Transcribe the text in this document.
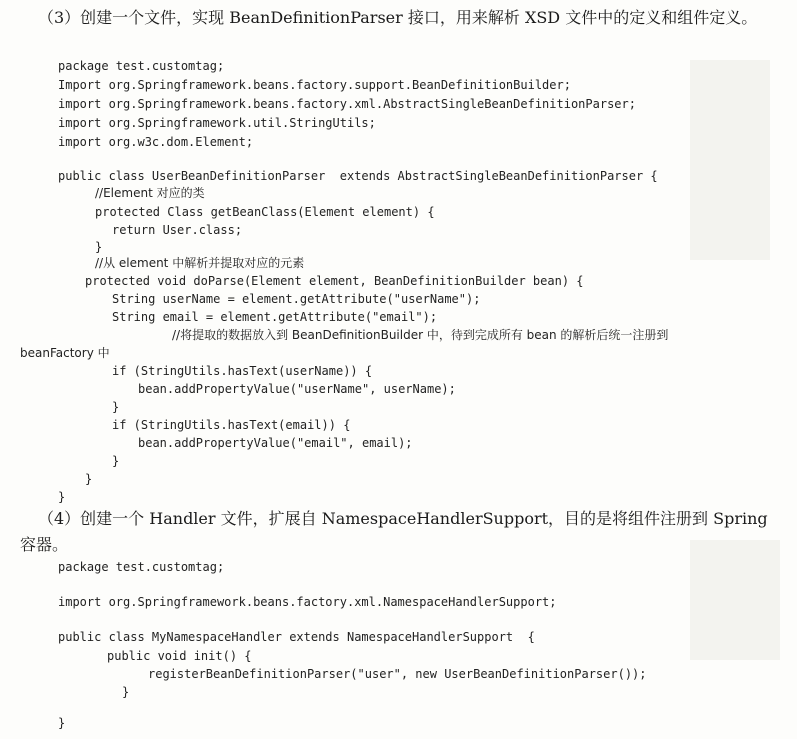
（3）创建一个文件，实现 BeanDefinitionParser 接口，用来解析 XSD 文件中的定义和组件定义。

package test.customtag;
Import org.Springframework.beans.factory.support.BeanDefinitionBuilder;
import org.Springframework.beans.factory.xml.AbstractSingleBeanDefinitionParser;
import org.Springframework.util.StringUtils;
import org.w3c.dom.Element;
public class UserBeanDefinitionParser  extends AbstractSingleBeanDefinitionParser {
//Element 对应的类
protected Class getBeanClass(Element element) {
return User.class;
}
//从 element 中解析并提取对应的元素
protected void doParse(Element element, BeanDefinitionBuilder bean) {
String userName = element.getAttribute("userName");
String email = element.getAttribute("email");
//将提取的数据放入到 BeanDefinitionBuilder 中，待到完成所有 bean 的解析后统一注册到
beanFactory 中
if (StringUtils.hasText(userName)) {
bean.addPropertyValue("userName", userName);
}
if (StringUtils.hasText(email)) {
bean.addPropertyValue("email", email);
}
}
}

（4）创建一个 Handler 文件，扩展自 NamespaceHandlerSupport，目的是将组件注册到 Spring 容器。

package test.customtag;
import org.Springframework.beans.factory.xml.NamespaceHandlerSupport;
public class MyNamespaceHandler extends NamespaceHandlerSupport  {
public void init() {
registerBeanDefinitionParser("user", new UserBeanDefinitionParser());
}
}
